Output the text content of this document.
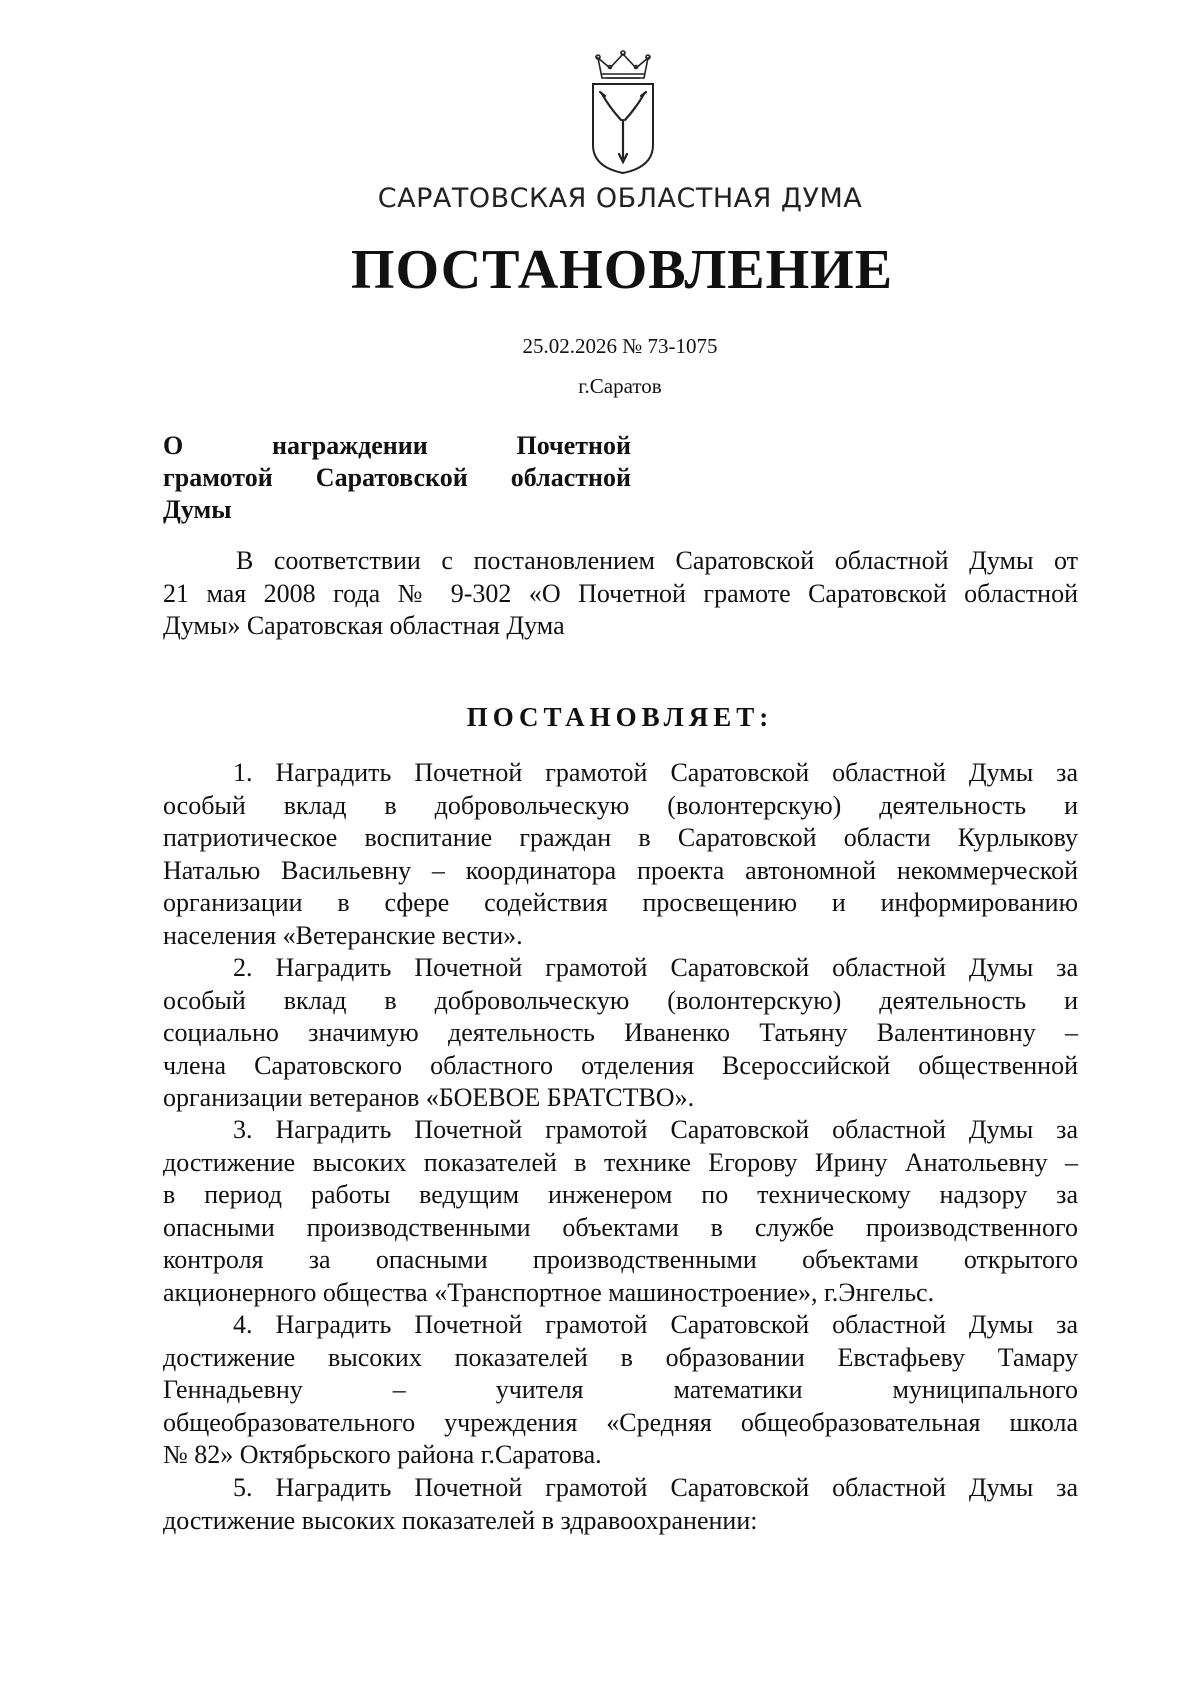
САРАТОВСКАЯ ОБЛАСТНАЯ ДУМА
ПОСТАНОВЛЕНИЕ
25.02.2026 № 73-1075
г.Саратов
О награждении Почетной
грамотой Саратовской областной
Думы
В соответствии с постановлением Саратовской областной Думы от
21 мая 2008 года № 9-302 «О Почетной грамоте Саратовской областной
Думы» Саратовская областная Дума
ПОСТАНОВЛЯЕТ:
1. Наградить Почетной грамотой Саратовской областной Думы за
особый вклад в добровольческую (волонтерскую) деятельность и
патриотическое воспитание граждан в Саратовской области Курлыкову
Наталью Васильевну – координатора проекта автономной некоммерческой
организации в сфере содействия просвещению и информированию
населения «Ветеранские вести».
2. Наградить Почетной грамотой Саратовской областной Думы за
особый вклад в добровольческую (волонтерскую) деятельность и
социально значимую деятельность Иваненко Татьяну Валентиновну –
члена Саратовского областного отделения Всероссийской общественной
организации ветеранов «БОЕВОЕ БРАТСТВО».
3. Наградить Почетной грамотой Саратовской областной Думы за
достижение высоких показателей в технике Егорову Ирину Анатольевну –
в период работы ведущим инженером по техническому надзору за
опасными производственными объектами в службе производственного
контроля за опасными производственными объектами открытого
акционерного общества «Транспортное машиностроение», г.Энгельс.
4. Наградить Почетной грамотой Саратовской областной Думы за
достижение высоких показателей в образовании Евстафьеву Тамару
Геннадьевну – учителя математики муниципального
общеобразовательного учреждения «Средняя общеобразовательная школа
№ 82» Октябрьского района г.Саратова.
5. Наградить Почетной грамотой Саратовской областной Думы за
достижение высоких показателей в здравоохранении:
